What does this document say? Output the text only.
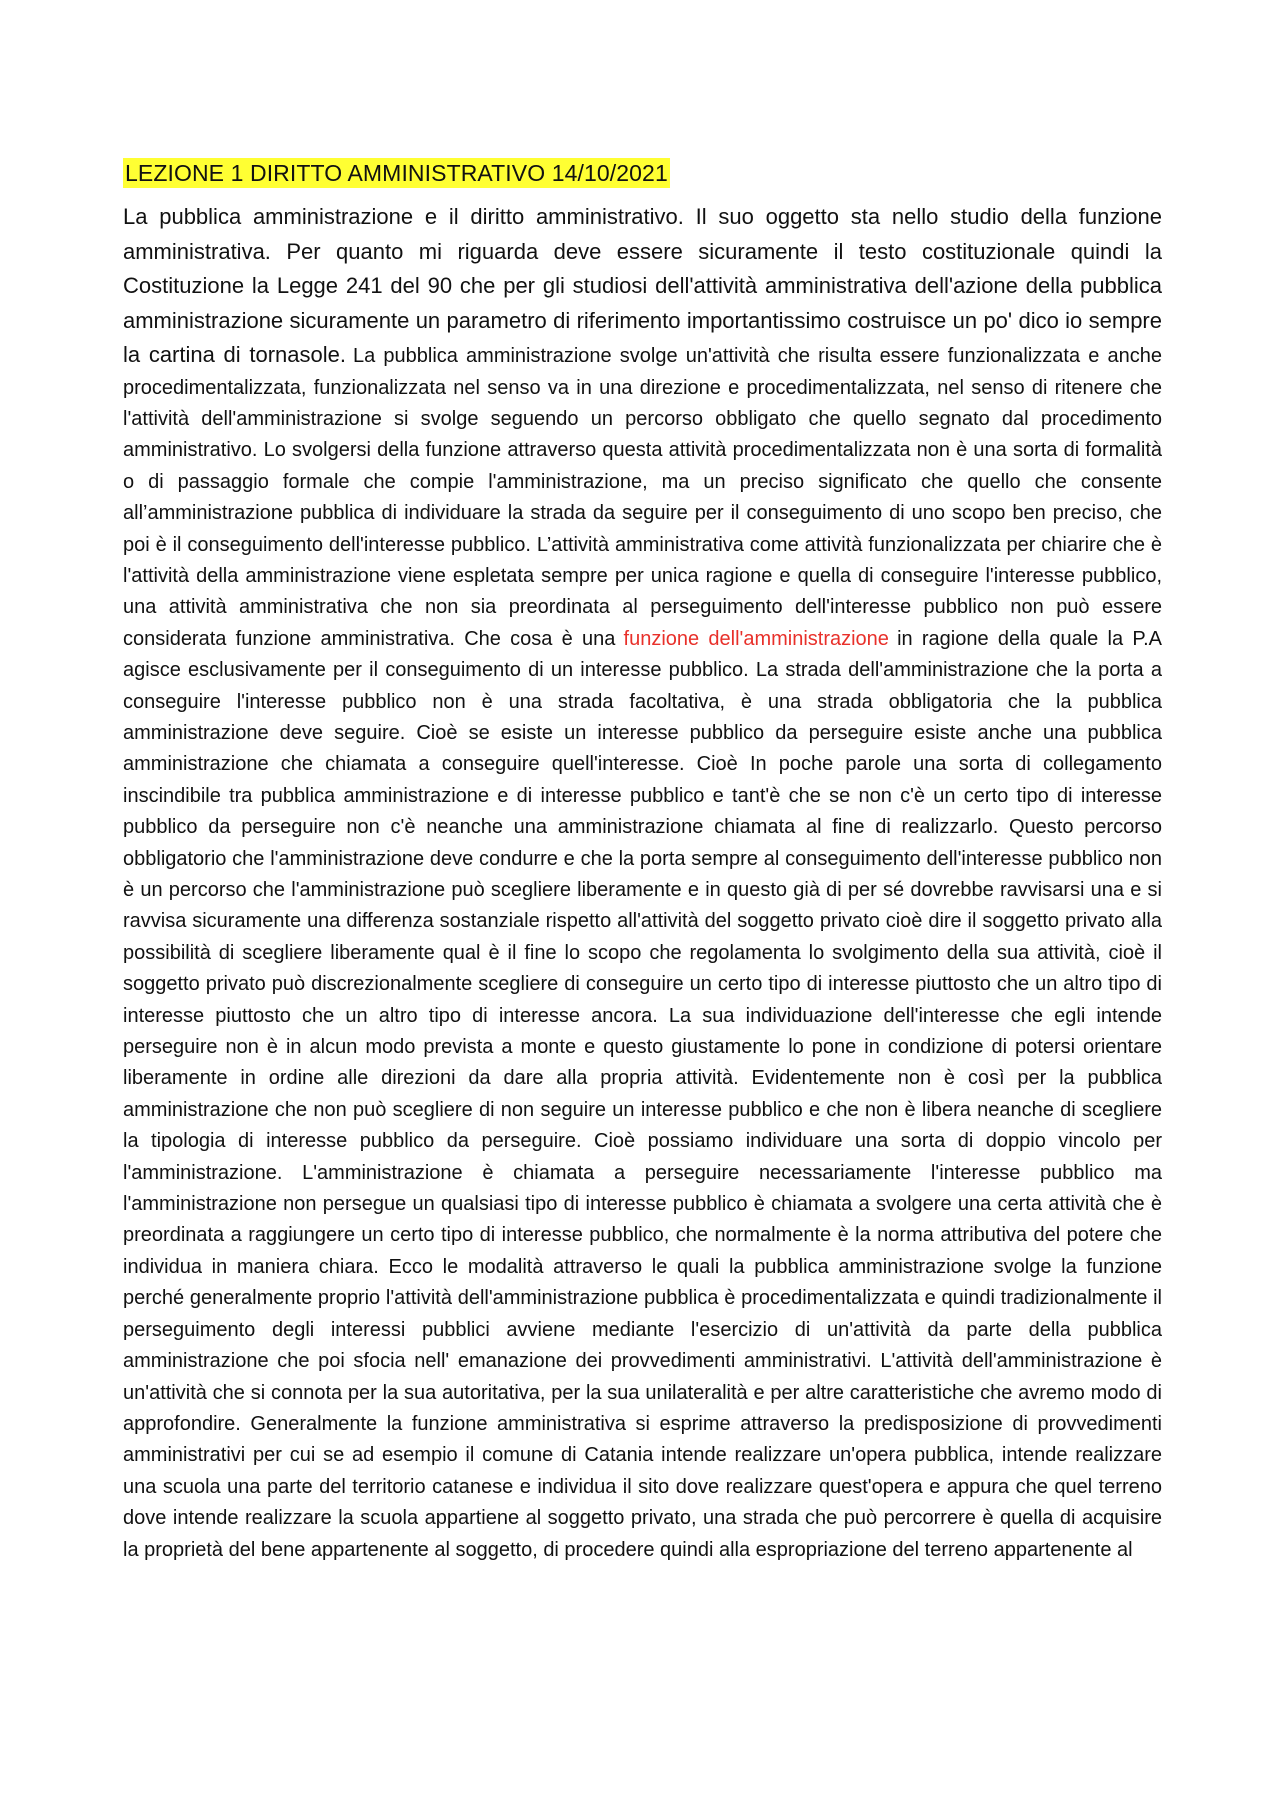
LEZIONE 1 DIRITTO AMMINISTRATIVO 14/10/2021

La pubblica amministrazione e il diritto amministrativo. Il suo oggetto sta nello studio della funzione amministrativa. Per quanto mi riguarda deve essere sicuramente il testo costituzionale quindi la Costituzione la Legge 241 del 90 che per gli studiosi dell'attività amministrativa dell'azione della pubblica amministrazione sicuramente un parametro di riferimento importantissimo costruisce un po' dico io sempre la cartina di tornasole. La pubblica amministrazione svolge un'attività che risulta essere funzionalizzata e anche procedimentalizzata, funzionalizzata nel senso va in una direzione e procedimentalizzata, nel senso di ritenere che l'attività dell'amministrazione si svolge seguendo un percorso obbligato che quello segnato dal procedimento amministrativo. Lo svolgersi della funzione attraverso questa attività procedimentalizzata non è una sorta di formalità o di passaggio formale che compie l'amministrazione, ma un preciso significato che quello che consente all’amministrazione pubblica di individuare la strada da seguire per il conseguimento di uno scopo ben preciso, che poi è il conseguimento dell'interesse pubblico. L’attività amministrativa come attività funzionalizzata per chiarire che è l'attività della amministrazione viene espletata sempre per unica ragione e quella di conseguire l'interesse pubblico, una attività amministrativa che non sia preordinata al perseguimento dell'interesse pubblico non può essere considerata funzione amministrativa. Che cosa è una funzione dell'amministrazione in ragione della quale la P.A agisce esclusivamente per il conseguimento di un interesse pubblico. La strada dell'amministrazione che la porta a conseguire l'interesse pubblico non è una strada facoltativa, è una strada obbligatoria che la pubblica amministrazione deve seguire. Cioè se esiste un interesse pubblico da perseguire esiste anche una pubblica amministrazione che chiamata a conseguire quell'interesse. Cioè In poche parole una sorta di collegamento inscindibile tra pubblica amministrazione e di interesse pubblico e tant'è che se non c'è un certo tipo di interesse pubblico da perseguire non c'è neanche una amministrazione chiamata al fine di realizzarlo. Questo percorso obbligatorio che l'amministrazione deve condurre e che la porta sempre al conseguimento dell'interesse pubblico non è un percorso che l'amministrazione può scegliere liberamente e in questo già di per sé dovrebbe ravvisarsi una e si ravvisa sicuramente una differenza sostanziale rispetto all'attività del soggetto privato cioè dire il soggetto privato alla possibilità di scegliere liberamente qual è il fine lo scopo che regolamenta lo svolgimento della sua attività, cioè il soggetto privato può discrezionalmente scegliere di conseguire un certo tipo di interesse piuttosto che un altro tipo di interesse piuttosto che un altro tipo di interesse ancora. La sua individuazione dell'interesse che egli intende perseguire non è in alcun modo prevista a monte e questo giustamente lo pone in condizione di potersi orientare liberamente in ordine alle direzioni da dare alla propria attività. Evidentemente non è così per la pubblica amministrazione che non può scegliere di non seguire un interesse pubblico e che non è libera neanche di scegliere la tipologia di interesse pubblico da perseguire. Cioè possiamo individuare una sorta di doppio vincolo per l'amministrazione. L'amministrazione è chiamata a perseguire necessariamente l'interesse pubblico ma l'amministrazione non persegue un qualsiasi tipo di interesse pubblico è chiamata a svolgere una certa attività che è preordinata a raggiungere un certo tipo di interesse pubblico, che normalmente è la norma attributiva del potere che individua in maniera chiara. Ecco le modalità attraverso le quali la pubblica amministrazione svolge la funzione perché generalmente proprio l'attività dell'amministrazione pubblica è procedimentalizzata e quindi tradizionalmente il perseguimento degli interessi pubblici avviene mediante l'esercizio di un'attività da parte della pubblica amministrazione che poi sfocia nell' emanazione dei provvedimenti amministrativi. L'attività dell'amministrazione è un'attività che si connota per la sua autoritativa, per la sua unilateralità e per altre caratteristiche che avremo modo di approfondire. Generalmente la funzione amministrativa si esprime attraverso la predisposizione di provvedimenti amministrativi per cui se ad esempio il comune di Catania intende realizzare un'opera pubblica, intende realizzare una scuola una parte del territorio catanese e individua il sito dove realizzare quest'opera e appura che quel terreno dove intende realizzare la scuola appartiene al soggetto privato, una strada che può percorrere è quella di acquisire la proprietà del bene appartenente al soggetto, di procedere quindi alla espropriazione del terreno appartenente al
